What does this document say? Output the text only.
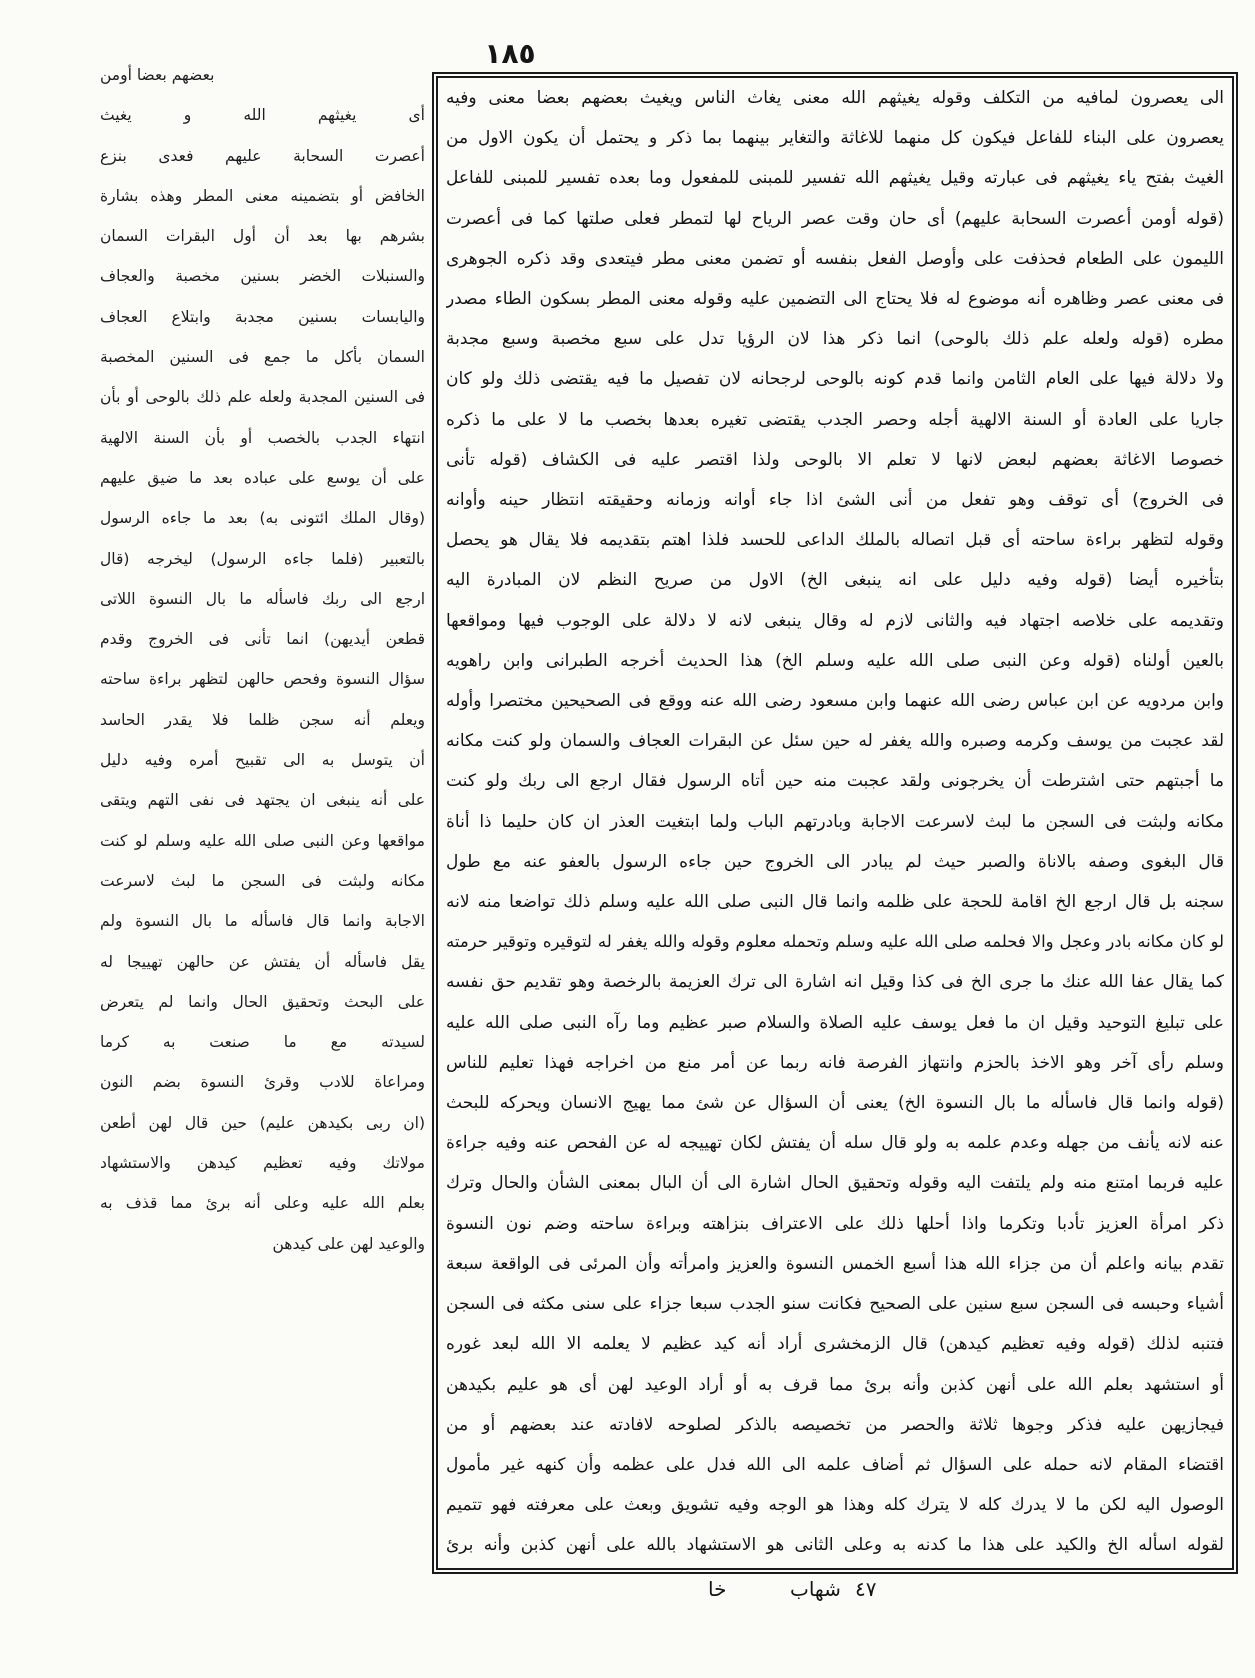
١٨٥
بعضهم بعضا أومن
أى يغيثهم الله و يغيث
أعصرت السحابة عليهم فعدى بنزع
الخافض أو بتضمينه معنى المطر وهذه بشارة
بشرهم بها بعد أن أول البقرات السمان
والسنبلات الخضر بسنين مخصبة والعجاف
واليابسات بسنين مجدبة وابتلاع العجاف
السمان بأكل ما جمع فى السنين المخصبة
فى السنين المجدبة ولعله علم ذلك بالوحى أو بأن
انتهاء الجدب بالخصب أو بأن السنة الالهية
على أن يوسع على عباده بعد ما ضيق عليهم
(وقال الملك ائتونى به) بعد ما جاءه الرسول
بالتعبير (فلما جاءه الرسول) ليخرجه (قال
ارجع الى ربك فاسأله ما بال النسوة اللاتى
قطعن أيديهن) انما تأنى فى الخروج وقدم
سؤال النسوة وفحص حالهن لتظهر براءة ساحته
ويعلم أنه سجن ظلما فلا يقدر الحاسد
أن يتوسل به الى تقبيح أمره وفيه دليل
على أنه ينبغى ان يجتهد فى نفى التهم ويتقى
مواقعها وعن النبى صلى الله عليه وسلم لو كنت
مكانه ولبثت فى السجن ما لبث لاسرعت
الاجابة وانما قال فاسأله ما بال النسوة ولم
يقل فاسأله أن يفتش عن حالهن تهييجا له
على البحث وتحقيق الحال وانما لم يتعرض
لسيدته مع ما صنعت به كرما
ومراعاة للادب وقرئ النسوة بضم النون
(ان ربى بكيدهن عليم) حين قال لهن أطعن
مولاتك وفيه تعظيم كيدهن والاستشهاد
بعلم الله عليه وعلى أنه برئ مما قذف به
والوعيد لهن على كيدهن
الى يعصرون لمافيه من التكلف وقوله يغيثهم الله معنى يغاث الناس ويغيث بعضهم بعضا معنى وفيه
يعصرون على البناء للفاعل فيكون كل منهما للاغاثة والتغاير بينهما بما ذكر و يحتمل أن يكون الاول من
الغيث بفتح ياء يغيثهم فى عبارته وقيل يغيثهم الله تفسير للمبنى للمفعول وما بعده تفسير للمبنى للفاعل
(قوله أومن أعصرت السحابة عليهم) أى حان وقت عصر الرياح لها لتمطر فعلى صلتها كما فى أعصرت
الليمون على الطعام فحذفت على وأوصل الفعل بنفسه أو تضمن معنى مطر فيتعدى وقد ذكره الجوهرى
فى معنى عصر وظاهره أنه موضوع له فلا يحتاج الى التضمين عليه وقوله معنى المطر بسكون الطاء مصدر
مطره (قوله ولعله علم ذلك بالوحى) انما ذكر هذا لان الرؤيا تدل على سبع مخصبة وسبع مجدبة
ولا دلالة فيها على العام الثامن وانما قدم كونه بالوحى لرجحانه لان تفصيل ما فيه يقتضى ذلك ولو كان
جاريا على العادة أو السنة الالهية أجله وحصر الجدب يقتضى تغيره بعدها بخصب ما لا على ما ذكره
خصوصا الاغاثة بعضهم لبعض لانها لا تعلم الا بالوحى ولذا اقتصر عليه فى الكشاف (قوله تأنى
فى الخروج) أى توقف وهو تفعل من أنى الشئ اذا جاء أوانه وزمانه وحقيقته انتظار حينه وأوانه
وقوله لتظهر براءة ساحته أى قبل اتصاله بالملك الداعى للحسد فلذا اهتم بتقديمه فلا يقال هو يحصل
بتأخيره أيضا (قوله وفيه دليل على انه ينبغى الخ) الاول من صريح النظم لان المبادرة اليه
وتقديمه على خلاصه اجتهاد فيه والثانى لازم له وقال ينبغى لانه لا دلالة على الوجوب فيها ومواقعها
بالعين أولناه (قوله وعن النبى صلى الله عليه وسلم الخ) هذا الحديث أخرجه الطبرانى وابن راهويه
وابن مردويه عن ابن عباس رضى الله عنهما وابن مسعود رضى الله عنه ووقع فى الصحيحين مختصرا وأوله
لقد عجبت من يوسف وكرمه وصبره والله يغفر له حين سئل عن البقرات العجاف والسمان ولو كنت مكانه
ما أجبتهم حتى اشترطت أن يخرجونى ولقد عجبت منه حين أتاه الرسول فقال ارجع الى ربك ولو كنت
مكانه ولبثت فى السجن ما لبث لاسرعت الاجابة وبادرتهم الباب ولما ابتغيت العذر ان كان حليما ذا أناة
قال البغوى وصفه بالاناة والصبر حيث لم يبادر الى الخروج حين جاءه الرسول بالعفو عنه مع طول
سجنه بل قال ارجع الخ اقامة للحجة على ظلمه وانما قال النبى صلى الله عليه وسلم ذلك تواضعا منه لانه
لو كان مكانه بادر وعجل والا فحلمه صلى الله عليه وسلم وتحمله معلوم وقوله والله يغفر له لتوقيره وتوقير حرمته
كما يقال عفا الله عنك ما جرى الخ فى كذا وقيل انه اشارة الى ترك العزيمة بالرخصة وهو تقديم حق نفسه
على تبليغ التوحيد وقيل ان ما فعل يوسف عليه الصلاة والسلام صبر عظيم وما رآه النبى صلى الله عليه
وسلم رأى آخر وهو الاخذ بالحزم وانتهاز الفرصة فانه ربما عن أمر منع من اخراجه فهذا تعليم للناس
(قوله وانما قال فاسأله ما بال النسوة الخ) يعنى أن السؤال عن شئ مما يهيج الانسان ويحركه للبحث
عنه لانه يأنف من جهله وعدم علمه به ولو قال سله أن يفتش لكان تهييجه له عن الفحص عنه وفيه جراءة
عليه فربما امتنع منه ولم يلتفت اليه وقوله وتحقيق الحال اشارة الى أن البال بمعنى الشأن والحال وترك
ذكر امرأة العزيز تأدبا وتكرما واذا أحلها ذلك على الاعتراف بنزاهته وبراءة ساحته وضم نون النسوة
تقدم بيانه واعلم أن من جزاء الله هذا أسبع الخمس النسوة والعزيز وامرأته وأن المرئى فى الواقعة سبعة
أشياء وحبسه فى السجن سبع سنين على الصحيح فكانت سنو الجدب سبعا جزاء على سنى مكثه فى السجن
فتنبه لذلك (قوله وفيه تعظيم كيدهن) قال الزمخشرى أراد أنه كيد عظيم لا يعلمه الا الله لبعد غوره
أو استشهد بعلم الله على أنهن كذبن وأنه برئ مما قرف به أو أراد الوعيد لهن أى هو عليم بكيدهن
فيجازيهن عليه فذكر وجوها ثلاثة والحصر من تخصيصه بالذكر لصلوحه لافادته عند بعضهم أو من
اقتضاء المقام لانه حمله على السؤال ثم أضاف علمه الى الله فدل على عظمه وأن كنهه غير مأمول
الوصول اليه لكن ما لا يدرك كله لا يترك كله وهذا هو الوجه وفيه تشويق وبعث على معرفته فهو تتميم
لقوله اسأله الخ والكيد على هذا ما كدنه به وعلى الثانى هو الاستشهاد بالله على أنهن كذبن وأنه برئ
٤٧
شهاب
خا
